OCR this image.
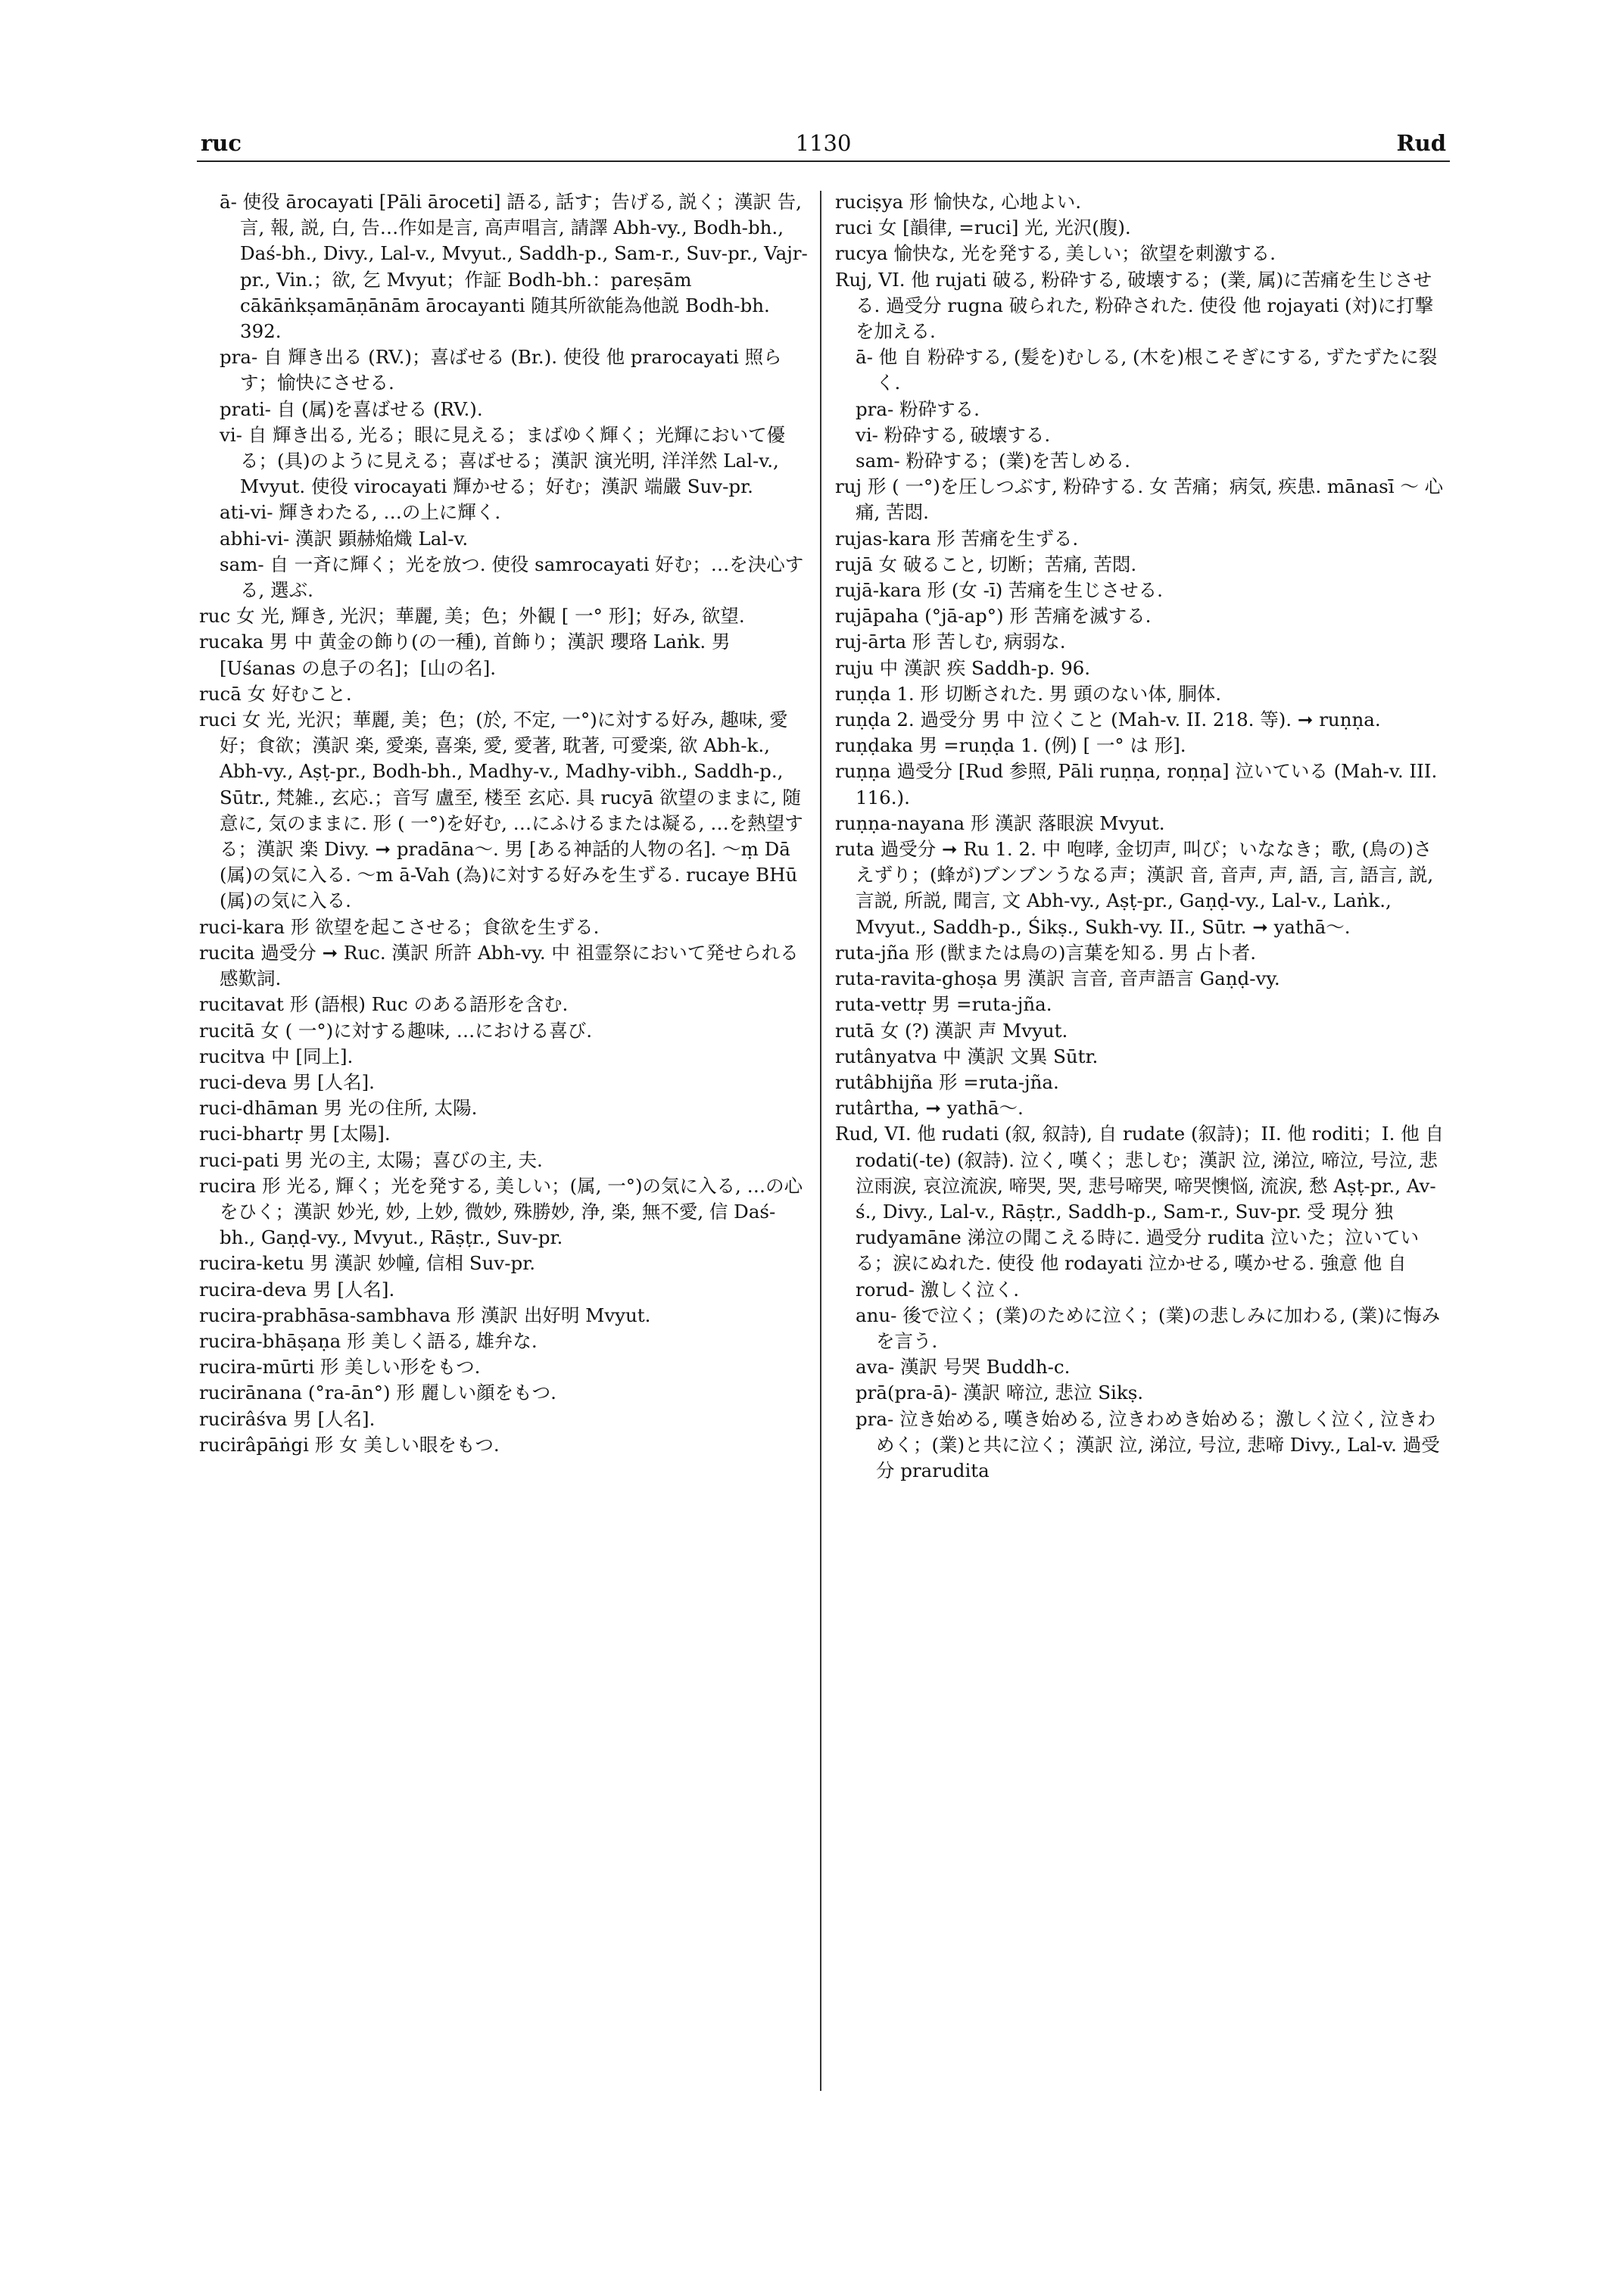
ruc	1130	Rud

ā- 使役 ārocayati [Pāli āroceti] 語る, 話す；告げる, 説く；漢訳 告, 言, 報, 説, 白, 告…作如是言, 高声唱言, 請譯 Abh-vy., Bodh-bh., Daś-bh., Divy., Lal-v., Mvyut., Saddh-p., Sam-r., Suv-pr., Vajr-pr., Vin.；欲, 乞 Mvyut；作証 Bodh-bh.：pareṣām cākāṅkṣamāṇānām ārocayanti 随其所欲能為他説 Bodh-bh. 392.

pra- 自 輝き出る (RV.)；喜ばせる (Br.). 使役 他 prarocayati 照らす；愉快にさせる.

prati- 自 (属)を喜ばせる (RV.).

vi- 自 輝き出る, 光る；眼に見える；まばゆく輝く；光輝において優る；(具)のように見える；喜ばせる；漢訳 演光明, 洋洋然 Lal-v., Mvyut. 使役 virocayati 輝かせる；好む；漢訳 端嚴 Suv-pr.

ati-vi- 輝きわたる, …の上に輝く.

abhi-vi- 漢訳 顕赫焔熾 Lal-v.

sam- 自 一斉に輝く；光を放つ. 使役 samrocayati 好む；…を決心する, 選ぶ.

ruc 女 光, 輝き, 光沢；華麗, 美；色；外観 [ 一° 形]；好み, 欲望.

rucaka 男 中 黄金の飾り(の一種), 首飾り；漢訳 瓔珞 Laṅk. 男 [Uśanas の息子の名]；[山の名].

rucā 女 好むこと.

ruci 女 光, 光沢；華麗, 美；色；(於, 不定, 一°)に対する好み, 趣味, 愛好；食欲；漢訳 楽, 愛楽, 喜楽, 愛, 愛著, 耽著, 可愛楽, 欲 Abh-k., Abh-vy., Aṣṭ-pr., Bodh-bh., Madhy-v., Madhy-vibh., Saddh-p., Sūtr., 梵雑., 玄応.；音写 盧至, 楼至 玄応. 具 rucyā 欲望のままに, 随意に, 気のままに. 形 ( 一°)を好む, …にふけるまたは凝る, …を熱望する；漢訳 楽 Divy. ➞ pradāna～. 男 [ある神話的人物の名]. ～ṃ Dā (属)の気に入る. ～m ā-Vah (為)に対する好みを生ずる. rucaye BHū (属)の気に入る.

ruci-kara 形 欲望を起こさせる；食欲を生ずる.

rucita 過受分 ➞ Ruc. 漢訳 所許 Abh-vy. 中 祖霊祭において発せられる感歎詞.

rucitavat 形 (語根) Ruc のある語形を含む.

rucitā 女 ( 一°)に対する趣味, …における喜び.

rucitva 中 [同上].

ruci-deva 男 [人名].

ruci-dhāman 男 光の住所, 太陽.

ruci-bhartṛ 男 [太陽].

ruci-pati 男 光の主, 太陽；喜びの主, 夫.

rucira 形 光る, 輝く；光を発する, 美しい；(属, 一°)の気に入る, …の心をひく；漢訳 妙光, 妙, 上妙, 微妙, 殊勝妙, 浄, 楽, 無不愛, 信 Daś-bh., Gaṇḍ-vy., Mvyut., Rāṣṭr., Suv-pr.

rucira-ketu 男 漢訳 妙幢, 信相 Suv-pr.

rucira-deva 男 [人名].

rucira-prabhāsa-sambhava 形 漢訳 出好明 Mvyut.

rucira-bhāṣaṇa 形 美しく語る, 雄弁な.

rucira-mūrti 形 美しい形をもつ.

rucirānana (°ra-ān°) 形 麗しい顔をもつ.

rucirâśva 男 [人名].

rucirâpāṅgi 形 女 美しい眼をもつ.

ruciṣya 形 愉快な, 心地よい.

ruci 女 [韻律, =ruci] 光, 光沢(腹).

rucya 愉快な, 光を発する, 美しい；欲望を刺激する.

Ruj, VI. 他 rujati 破る, 粉砕する, 破壊する；(業, 属)に苦痛を生じさせる. 過受分 rugna 破られた, 粉砕された. 使役 他 rojayati (対)に打撃を加える.

ā- 他 自 粉砕する, (髪を)むしる, (木を)根こそぎにする, ずたずたに裂く.

pra- 粉砕する.

vi- 粉砕する, 破壊する.

sam- 粉砕する；(業)を苦しめる.

ruj 形 ( 一°)を圧しつぶす, 粉砕する. 女 苦痛；病気, 疾患. mānasī ～ 心痛, 苦悶.

rujas-kara 形 苦痛を生ずる.

rujā 女 破ること, 切断；苦痛, 苦悶.

rujā-kara 形 (女 -ī) 苦痛を生じさせる.

rujāpaha (°jā-ap°) 形 苦痛を滅する.

ruj-ārta 形 苦しむ, 病弱な.

ruju 中 漢訳 疾 Saddh-p. 96.

ruṇḍa 1. 形 切断された. 男 頭のない体, 胴体.

ruṇḍa 2. 過受分 男 中 泣くこと (Mah-v. II. 218. 等). ➞ ruṇṇa.

ruṇḍaka 男 =ruṇḍa 1. (例) [ 一° は 形].

ruṇṇa 過受分 [Rud 参照, Pāli ruṇṇa, roṇṇa] 泣いている (Mah-v. III. 116.).

ruṇṇa-nayana 形 漢訳 落眼涙 Mvyut.

ruta 過受分 ➞ Ru 1. 2. 中 咆哮, 金切声, 叫び；いななき；歌, (鳥の)さえずり；(蜂が)ブンブンうなる声；漢訳 音, 音声, 声, 語, 言, 語言, 説, 言説, 所説, 聞言, 文 Abh-vy., Aṣṭ-pr., Gaṇḍ-vy., Lal-v., Laṅk., Mvyut., Saddh-p., Śikṣ., Sukh-vy. II., Sūtr. ➞ yathā～.

ruta-jña 形 (獣または鳥の)言葉を知る. 男 占卜者.

ruta-ravita-ghoṣa 男 漢訳 言音, 音声語言 Gaṇḍ-vy.

ruta-vettṛ 男 =ruta-jña.

rutā 女 (?) 漢訳 声 Mvyut.

rutânyatva 中 漢訳 文異 Sūtr.

rutâbhijña 形 =ruta-jña.

rutârtha, ➞ yathā～.

Rud, VI. 他 rudati (叙, 叙詩), 自 rudate (叙詩)；II. 他 roditi；I. 他 自 rodati(-te) (叙詩). 泣く, 嘆く；悲しむ；漢訳 泣, 涕泣, 啼泣, 号泣, 悲泣雨涙, 哀泣流涙, 啼哭, 哭, 悲号啼哭, 啼哭懊悩, 流涙, 愁 Aṣṭ-pr., Av-ś., Divy., Lal-v., Rāṣṭr., Saddh-p., Sam-r., Suv-pr. 受 現分 独 rudyamāne 涕泣の聞こえる時に. 過受分 rudita 泣いた；泣いている；涙にぬれた. 使役 他 rodayati 泣かせる, 嘆かせる. 強意 他 自 rorud- 激しく泣く.

anu- 後で泣く；(業)のために泣く；(業)の悲しみに加わる, (業)に悔みを言う.

ava- 漢訳 号哭 Buddh-c.

prā(pra-ā)- 漢訳 啼泣, 悲泣 Sikṣ.

pra- 泣き始める, 嘆き始める, 泣きわめき始める；激しく泣く, 泣きわめく；(業)と共に泣く；漢訳 泣, 涕泣, 号泣, 悲啼 Divy., Lal-v. 過受分 prarudita
